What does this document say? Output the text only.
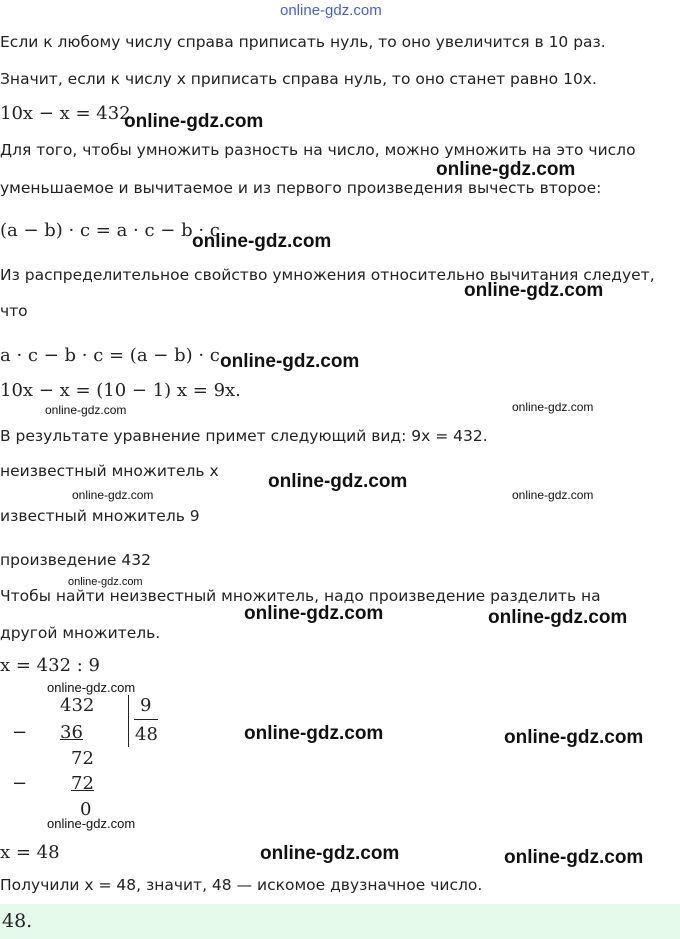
online-gdz.com
Если к любому числу справа приписать нуль, то оно увеличится в 10 раз.
Значит, если к числу x приписать справа нуль, то оно станет равно 10x.
10x − x = 432
Для того, чтобы умножить разность на число, можно умножить на это число
уменьшаемое и вычитаемое и из первого произведения вычесть второе:
(a − b) · c = a · c − b · c
Из распределительное свойство умножения относительно вычитания следует,
что
a · c − b · c = (a − b) · c.
10x − x = (10 − 1) x = 9x.
В результате уравнение примет следующий вид: 9x = 432.
неизвестный множитель x
известный множитель 9
произведение 432
Чтобы найти неизвестный множитель, надо произведение разделить на
другой множитель.
x = 432 : 9
432
− 36
72
− 72
0
9
48
x = 48
Получили x = 48, значит, 48 — искомое двузначное число.
48.
online-gdz.com
online-gdz.com
online-gdz.com
online-gdz.com
online-gdz.com
online-gdz.com	online-gdz.com
online-gdz.com
online-gdz.com	online-gdz.com
online-gdz.com
online-gdz.com	online-gdz.com
online-gdz.com
online-gdz.com	online-gdz.com
online-gdz.com
online-gdz.com	online-gdz.com
